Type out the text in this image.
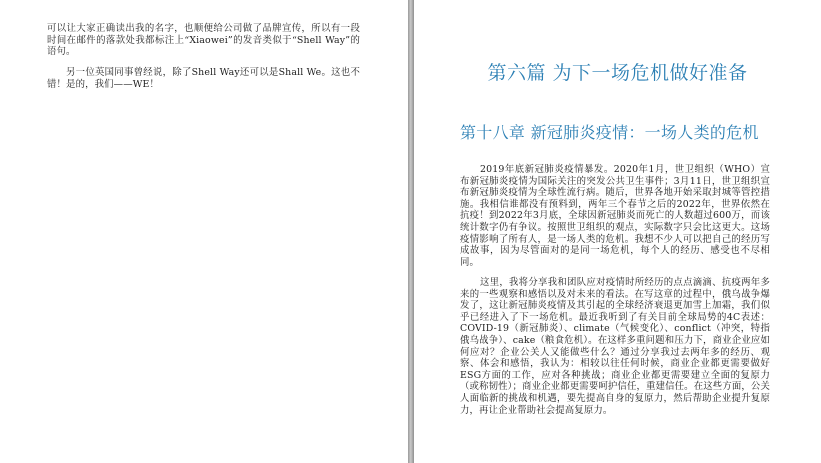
可以让大家正确读出我的名字，也顺便给公司做了品牌宣传，所以有一段时间在邮件的落款处我都标注上“Xiaowei”的发音类似于“Shell Way”的语句。

另一位英国同事曾经说，除了Shell Way还可以是Shall We。这也不错！是的，我们——WE！

第六篇 为下一场危机做好准备
第十八章 新冠肺炎疫情：一场人类的危机

2019年底新冠肺炎疫情暴发。2020年1月，世卫组织（WHO）宣布新冠肺炎疫情为国际关注的突发公共卫生事件；3月11日，世卫组织宣布新冠肺炎疫情为全球性流行病。随后，世界各地开始采取封城等管控措施。我相信谁都没有预料到，两年三个春节之后的2022年，世界依然在抗疫！到2022年3月底，全球因新冠肺炎而死亡的人数超过600万，而该统计数字仍有争议。按照世卫组织的观点，实际数字只会比这更大。这场疫情影响了所有人，是一场人类的危机。我想不少人可以把自己的经历写成故事，因为尽管面对的是同一场危机，每个人的经历、感受也不尽相同。

这里，我将分享我和团队应对疫情时所经历的点点滴滴、抗疫两年多来的一些观察和感悟以及对未来的看法。在写这章的过程中，俄乌战争爆发了，这让新冠肺炎疫情及其引起的全球经济衰退更加雪上加霜，我们似乎已经进入了下一场危机。最近我听到了有关目前全球局势的4C表述：COVID-19（新冠肺炎）、climate（气候变化）、conflict（冲突，特指俄乌战争）、cake（粮食危机）。在这样多重问题和压力下，商业企业应如何应对？企业公关人又能做些什么？通过分享我过去两年多的经历、观察、体会和感悟，我认为：相较以往任何时候，商业企业都更需要做好ESG方面的工作，应对各种挑战；商业企业都更需要建立全面的复原力（或称韧性）；商业企业都更需要呵护信任，重建信任。在这些方面，公关人面临新的挑战和机遇，要先提高自身的复原力，然后帮助企业提升复原力，再让企业帮助社会提高复原力。
